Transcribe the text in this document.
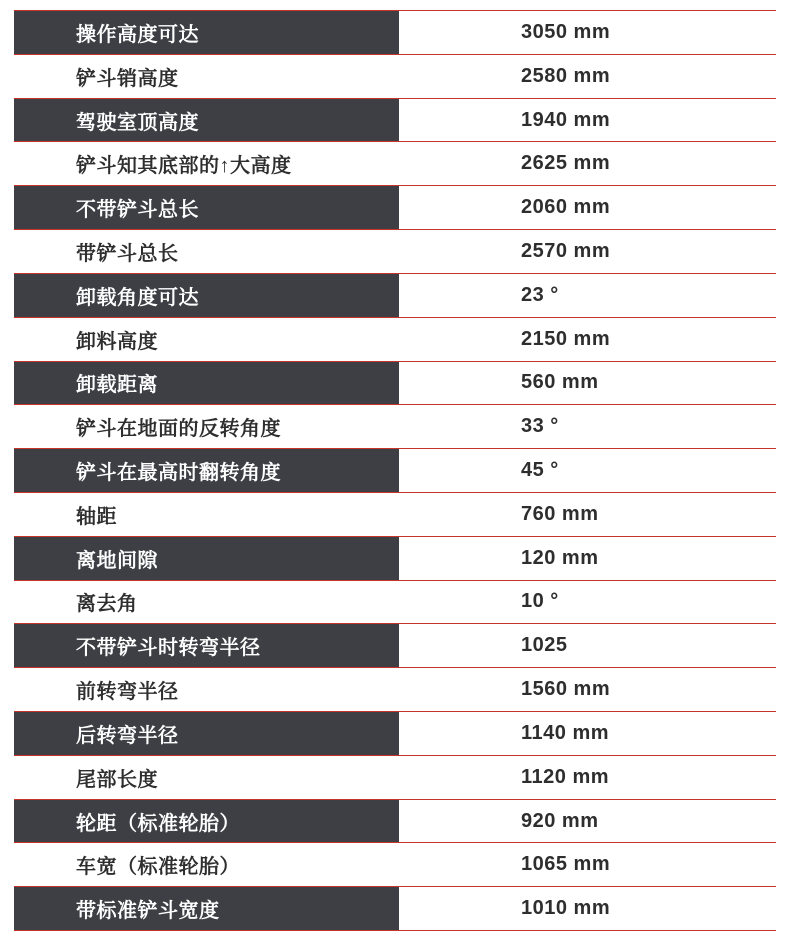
操作高度可达	3050 mm
铲斗销高度	2580 mm
驾驶室顶高度	1940 mm
铲斗知其底部的↑大高度	2625 mm
不带铲斗总长	2060 mm
带铲斗总长	2570 mm
卸载角度可达	23 °
卸料高度	2150 mm
卸载距离	560 mm
铲斗在地面的反转角度	33 °
铲斗在最高时翻转角度	45 °
轴距	760 mm
离地间隙	120 mm
离去角	10 °
不带铲斗时转弯半径	1025
前转弯半径	1560 mm
后转弯半径	1140 mm
尾部长度	1120 mm
轮距（标准轮胎）	920 mm
车宽（标准轮胎）	1065 mm
带标准铲斗宽度	1010 mm
